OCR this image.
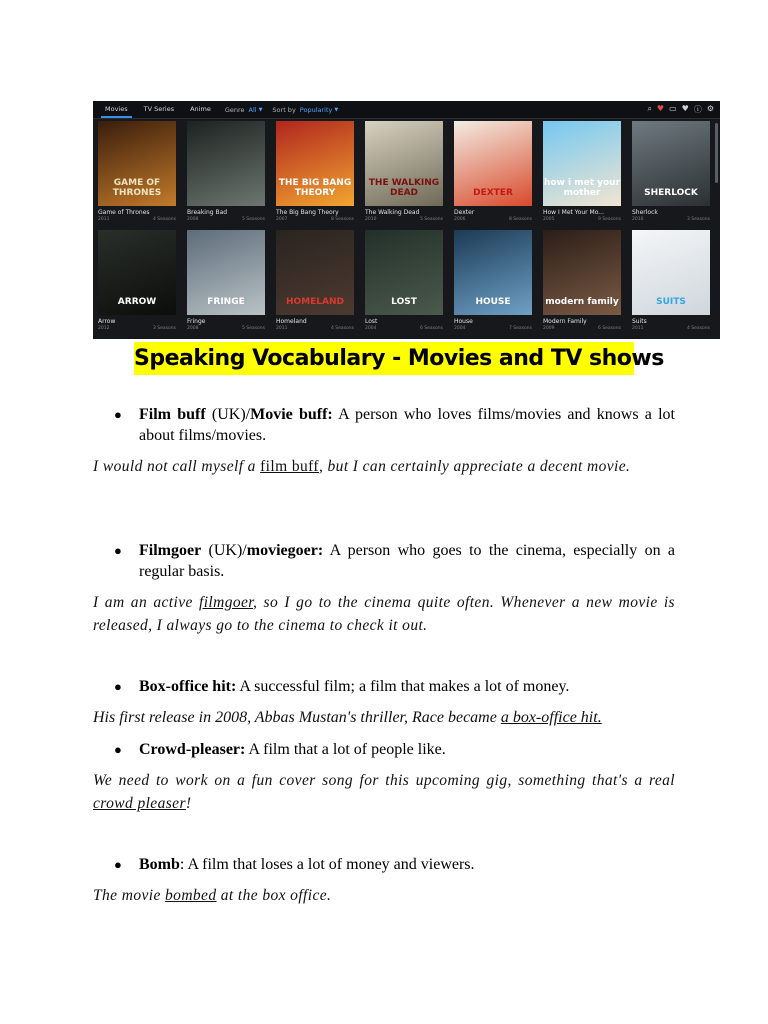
Movies	TV Series	Anime	Genre All ▼ Sort by Popularity ▼	⌕ ♥ ▭ ♥ ⓘ ⚙
GAME OF THRONES
Game of Thrones
2011	4 Seasons
Breaking Bad
2008	5 Seasons
THE BIG BANG THEORY
The Big Bang Theory
2007	8 Seasons
THE WALKING DEAD
The Walking Dead
2010	5 Seasons
DEXTER
Dexter
2006	8 Seasons
how i met your mother
How I Met Your Mo...
2005	9 Seasons
SHERLOCK
Sherlock
2010	3 Seasons
ARROW
Arrow
2012	3 Seasons
FRINGE
Fringe
2008	5 Seasons
HOMELAND
Homeland
2011	4 Seasons
LOST
Lost
2004	6 Seasons
HOUSE
House
2004	7 Seasons
modern family
Modern Family
2009	6 Seasons
SUITS
Suits
2011	4 Seasons
Speaking Vocabulary - Movies and TV shows
● Film buff (UK)/Movie buff: A person who loves films/movies and knows a lot about films/movies.
I would not call myself a film buff, but I can certainly appreciate a decent movie.
● Filmgoer (UK)/moviegoer: A person who goes to the cinema, especially on a regular basis.
I am an active filmgoer, so I go to the cinema quite often. Whenever a new movie is released, I always go to the cinema to check it out.
● Box-office hit: A successful film; a film that makes a lot of money.
His first release in 2008, Abbas Mustan's thriller, Race became a box-office hit.
● Crowd-pleaser: A film that a lot of people like.
We need to work on a fun cover song for this upcoming gig, something that's a real crowd pleaser!
● Bomb: A film that loses a lot of money and viewers.
The movie bombed at the box office.
